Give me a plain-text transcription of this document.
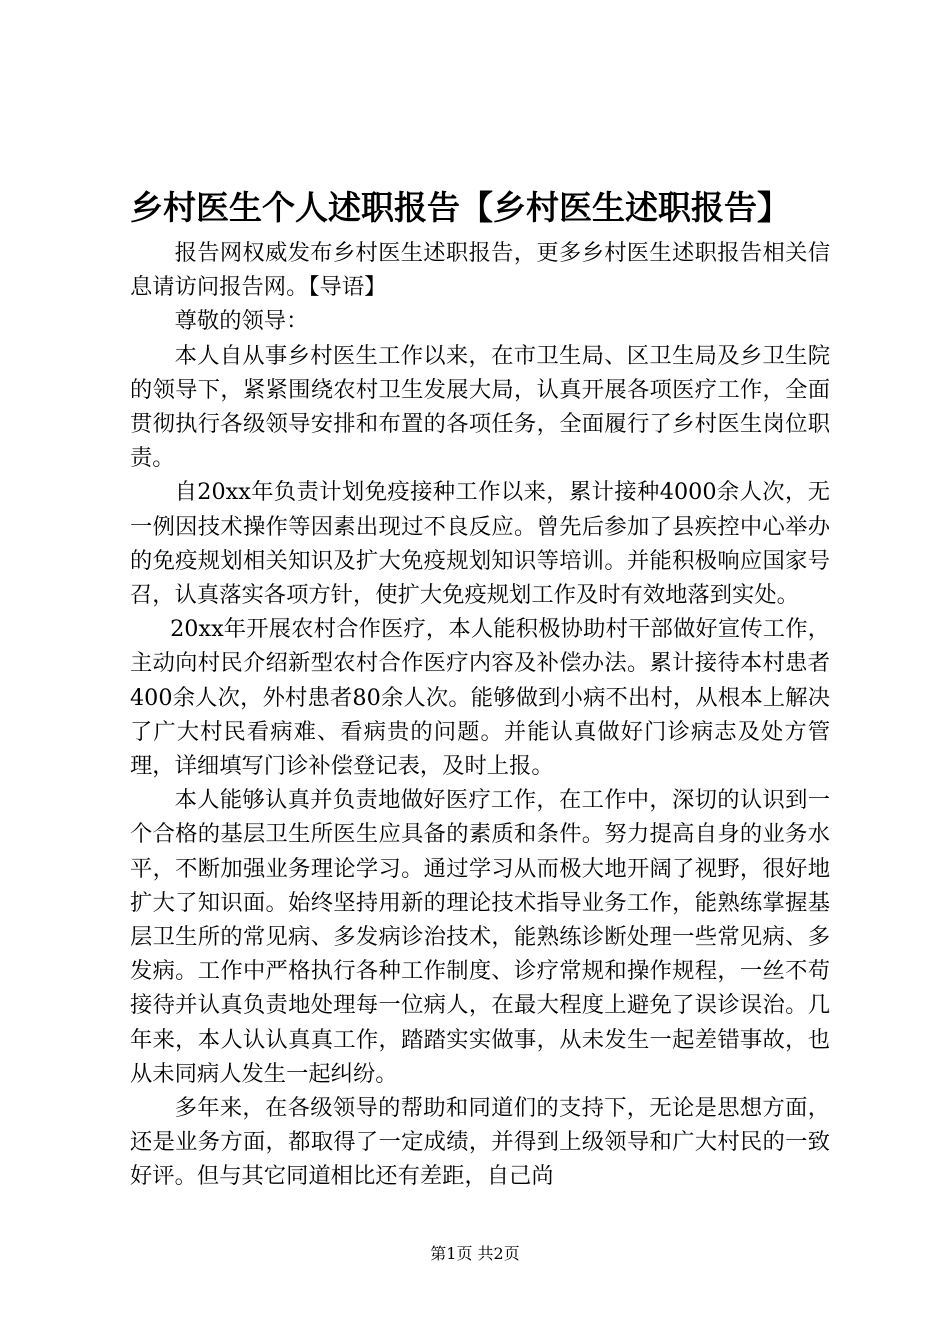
乡村医生个人述职报告【乡村医生述职报告】

报告网权威发布乡村医生述职报告，更多乡村医生述职报告相关信息请访问报告网。【导语】

尊敬的领导：

本人自从事乡村医生工作以来，在市卫生局、区卫生局及乡卫生院的领导下，紧紧围绕农村卫生发展大局，认真开展各项医疗工作，全面贯彻执行各级领导安排和布置的各项任务，全面履行了乡村医生岗位职责。

自20xx年负责计划免疫接种工作以来，累计接种4000余人次，无一例因技术操作等因素出现过不良反应。曾先后参加了县疾控中心举办的免疫规划相关知识及扩大免疫规划知识等培训。并能积极响应国家号召，认真落实各项方针，使扩大免疫规划工作及时有效地落到实处。

20xx年开展农村合作医疗，本人能积极协助村干部做好宣传工作，主动向村民介绍新型农村合作医疗内容及补偿办法。累计接待本村患者400余人次，外村患者80余人次。能够做到小病不出村，从根本上解决了广大村民看病难、看病贵的问题。并能认真做好门诊病志及处方管理，详细填写门诊补偿登记表，及时上报。

本人能够认真并负责地做好医疗工作，在工作中，深切的认识到一个合格的基层卫生所医生应具备的素质和条件。努力提高自身的业务水平，不断加强业务理论学习。通过学习从而极大地开阔了视野，很好地扩大了知识面。始终坚持用新的理论技术指导业务工作，能熟练掌握基层卫生所的常见病、多发病诊治技术，能熟练诊断处理一些常见病、多发病。工作中严格执行各种工作制度、诊疗常规和操作规程，一丝不苟接待并认真负责地处理每一位病人，在最大程度上避免了误诊误治。几年来，本人认认真真工作，踏踏实实做事，从未发生一起差错事故，也从未同病人发生一起纠纷。

多年来，在各级领导的帮助和同道们的支持下，无论是思想方面，还是业务方面，都取得了一定成绩，并得到上级领导和广大村民的一致好评。但与其它同道相比还有差距，自己尚

第1页 共2页
